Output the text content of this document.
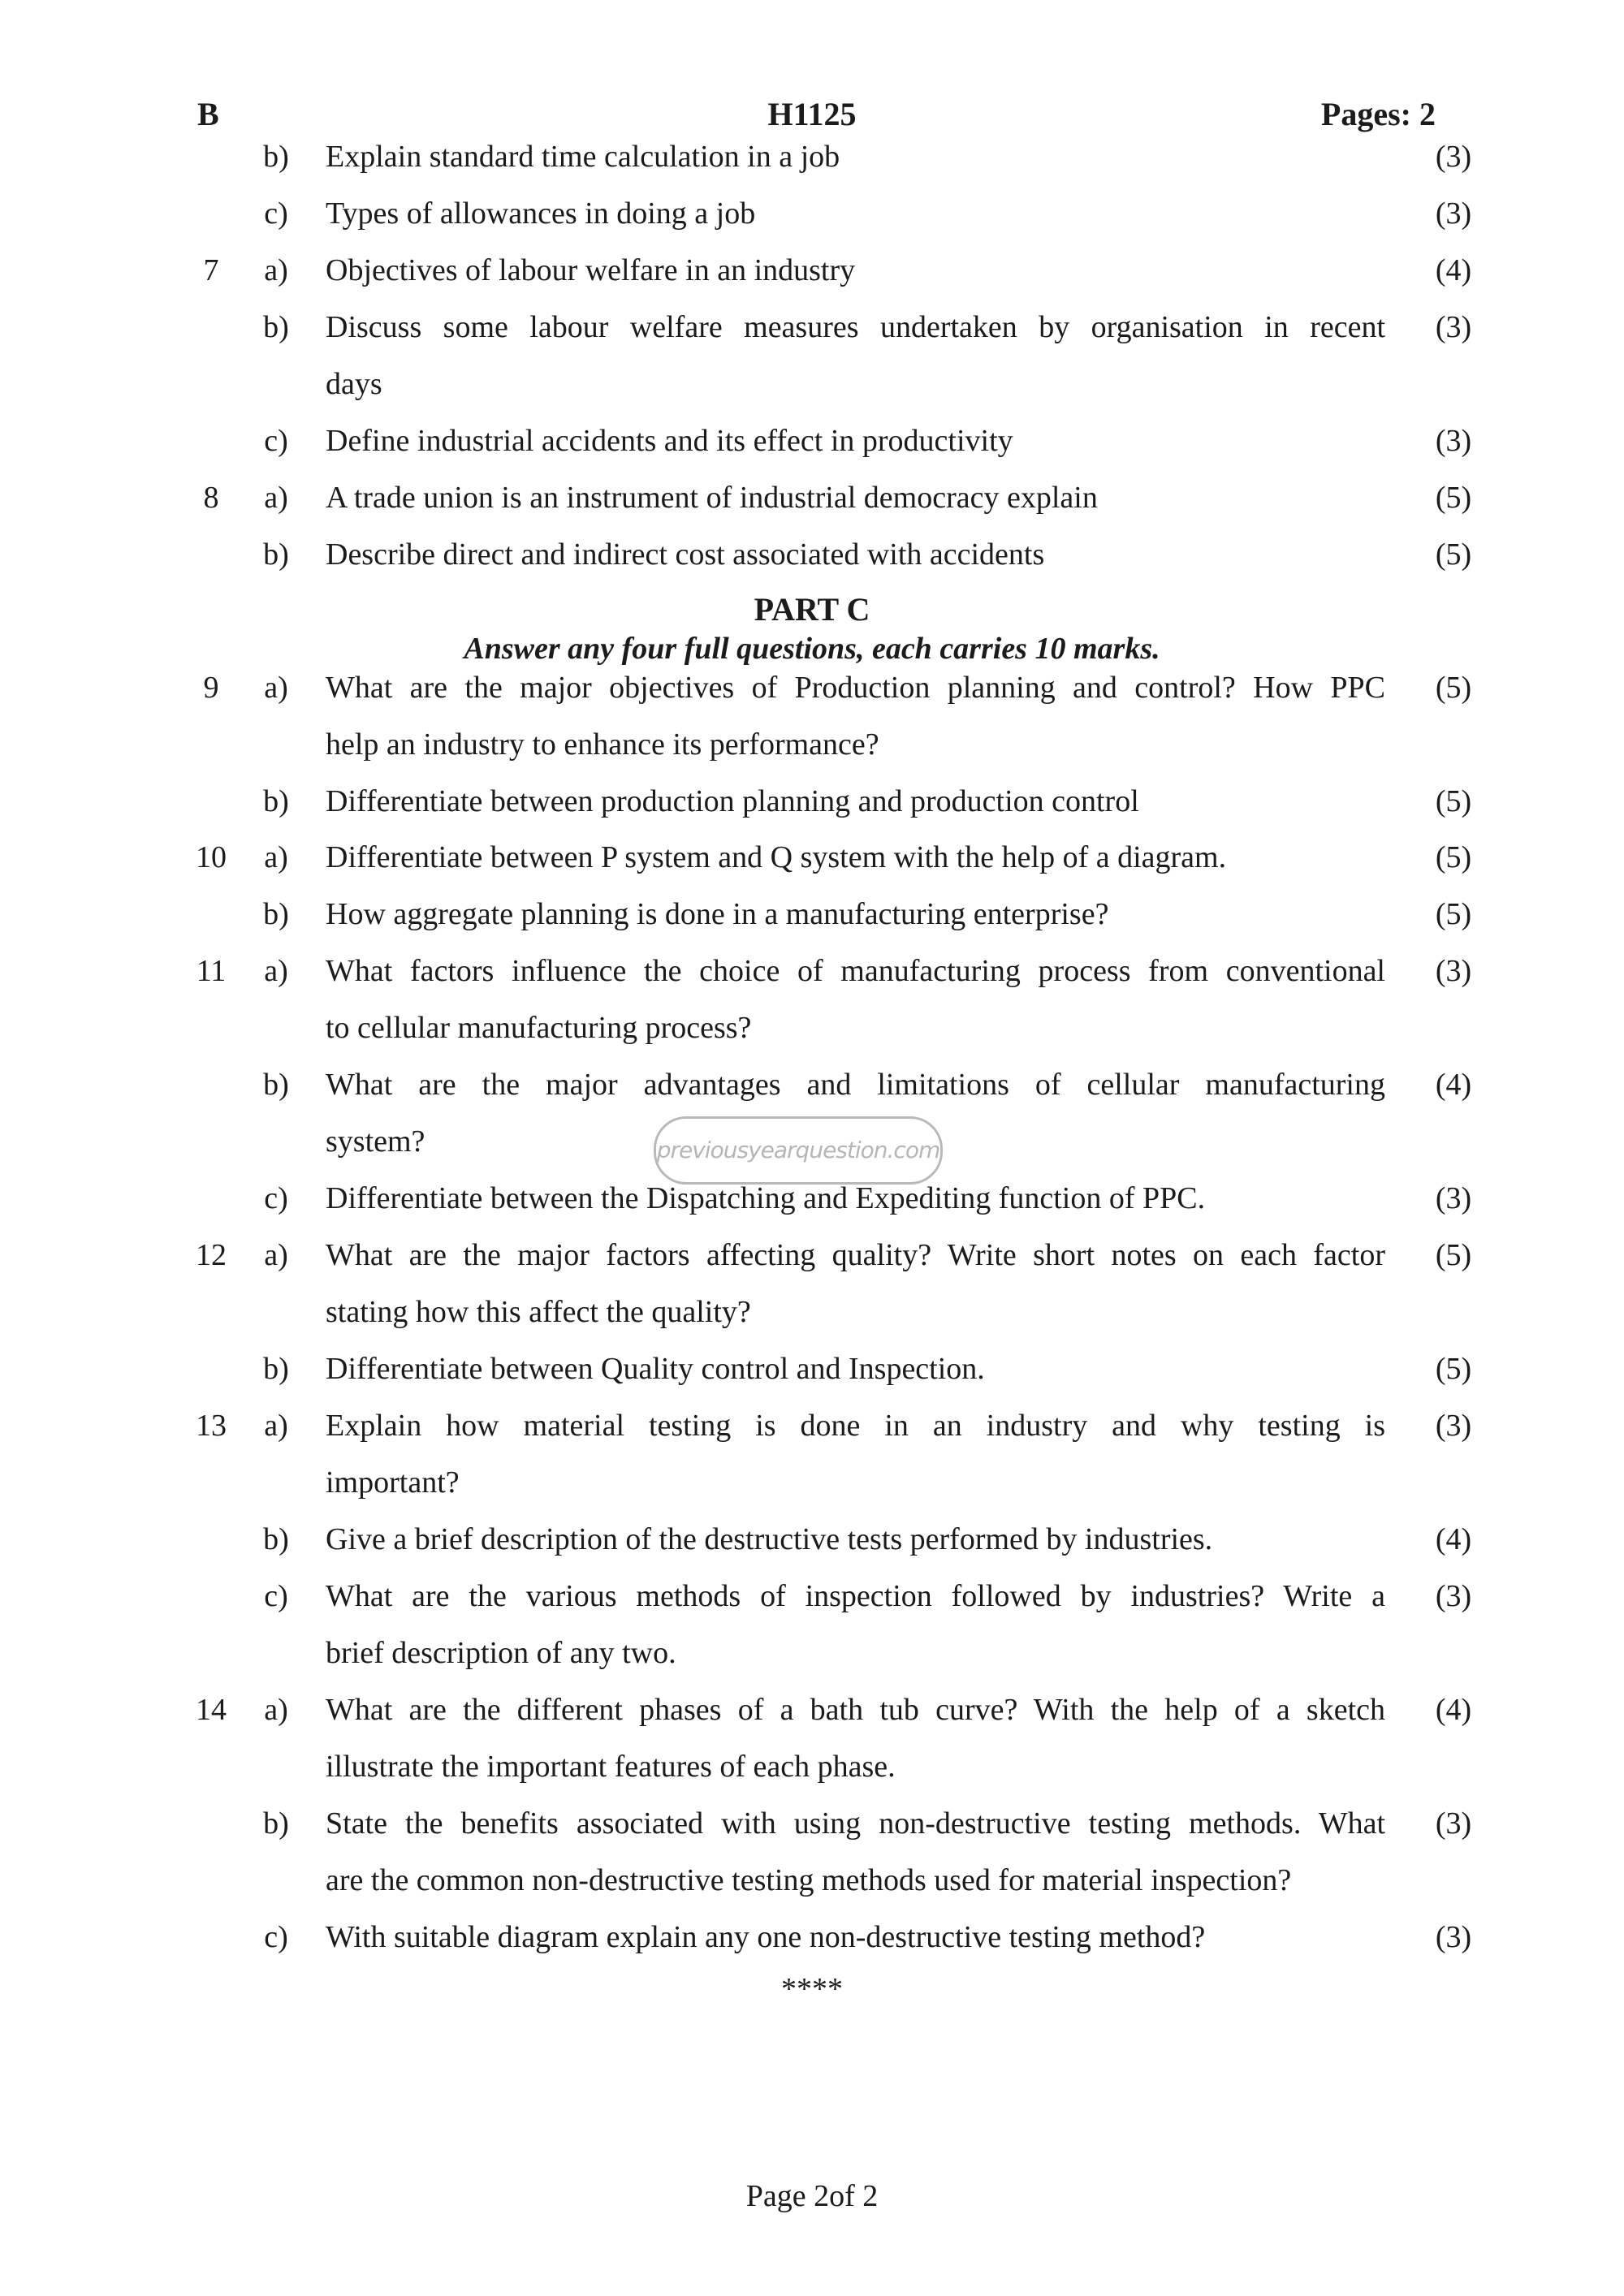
B	H1125	Pages: 2
b)	Explain standard time calculation in a job	(3)
c)	Types of allowances in doing a job	(3)
7	a)	Objectives of labour welfare in an industry	(4)
b)	Discuss some labour welfare measures undertaken by organisation in recent	(3)
days
c)	Define industrial accidents and its effect in productivity	(3)
8	a)	A trade union is an instrument of industrial democracy explain	(5)
b)	Describe direct and indirect cost associated with accidents	(5)
PART C
Answer any four full questions, each carries 10 marks.
9	a)	What are the major objectives of Production planning and control? How PPC	(5)
help an industry to enhance its performance?
b)	Differentiate between production planning and production control	(5)
10	a)	Differentiate between P system and Q system with the help of a diagram.	(5)
b)	How aggregate planning is done in a manufacturing enterprise?	(5)
11	a)	What factors influence the choice of manufacturing process from conventional	(3)
to cellular manufacturing process?
b)	What are the major advantages and limitations of cellular manufacturing	(4)
system?	previousyearquestion.com
c)	Differentiate between the Dispatching and Expediting function of PPC.	(3)
12	a)	What are the major factors affecting quality? Write short notes on each factor	(5)
stating how this affect the quality?
b)	Differentiate between Quality control and Inspection.	(5)
13	a)	Explain how material testing is done in an industry and why testing is	(3)
important?
b)	Give a brief description of the destructive tests performed by industries.	(4)
c)	What are the various methods of inspection followed by industries? Write a	(3)
brief description of any two.
14	a)	What are the different phases of a bath tub curve? With the help of a sketch	(4)
illustrate the important features of each phase.
b)	State the benefits associated with using non-destructive testing methods. What	(3)
are the common non-destructive testing methods used for material inspection?
c)	With suitable diagram explain any one non-destructive testing method?	(3)
****
Page 2of 2
